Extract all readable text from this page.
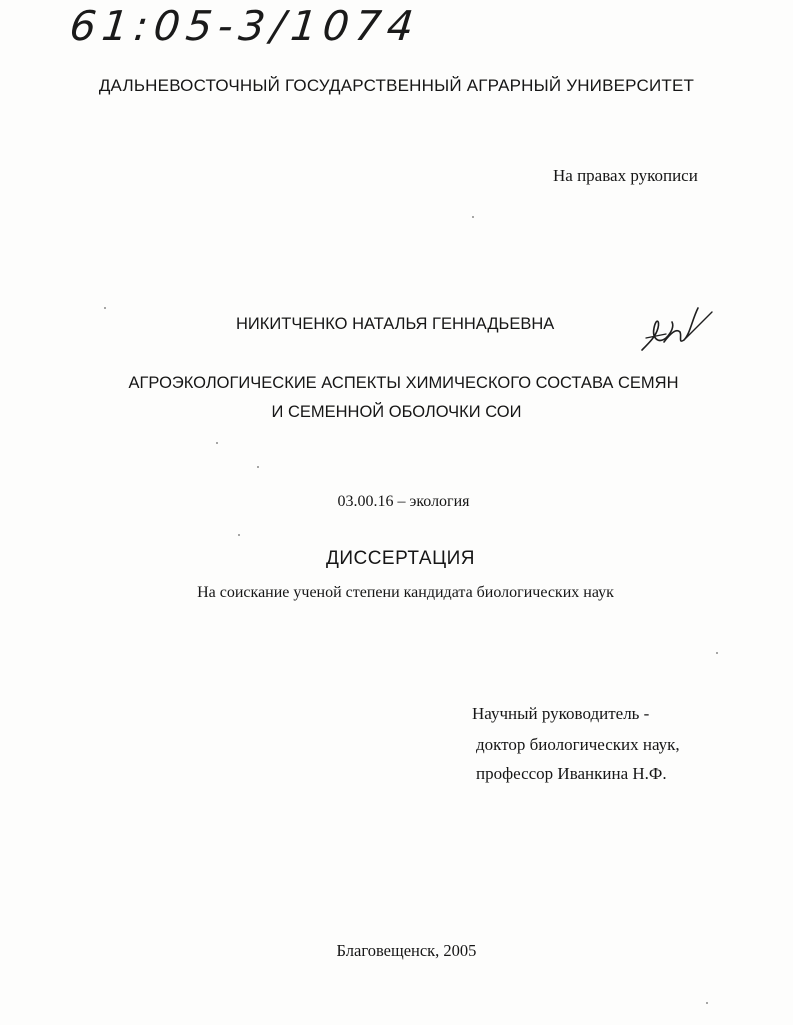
61:05-3/1074
ДАЛЬНЕВОСТОЧНЫЙ ГОСУДАРСТВЕННЫЙ АГРАРНЫЙ УНИВЕРСИТЕТ
На правах рукописи
НИКИТЧЕНКО НАТАЛЬЯ ГЕННАДЬЕВНА
АГРОЭКОЛОГИЧЕСКИЕ АСПЕКТЫ ХИМИЧЕСКОГО СОСТАВА СЕМЯН
И СЕМЕННОЙ ОБОЛОЧКИ СОИ
03.00.16 – экология
ДИССЕРТАЦИЯ
На соискание ученой степени кандидата биологических наук
Научный руководитель -
доктор биологических наук,
профессор Иванкина Н.Ф.
Благовещенск, 2005
